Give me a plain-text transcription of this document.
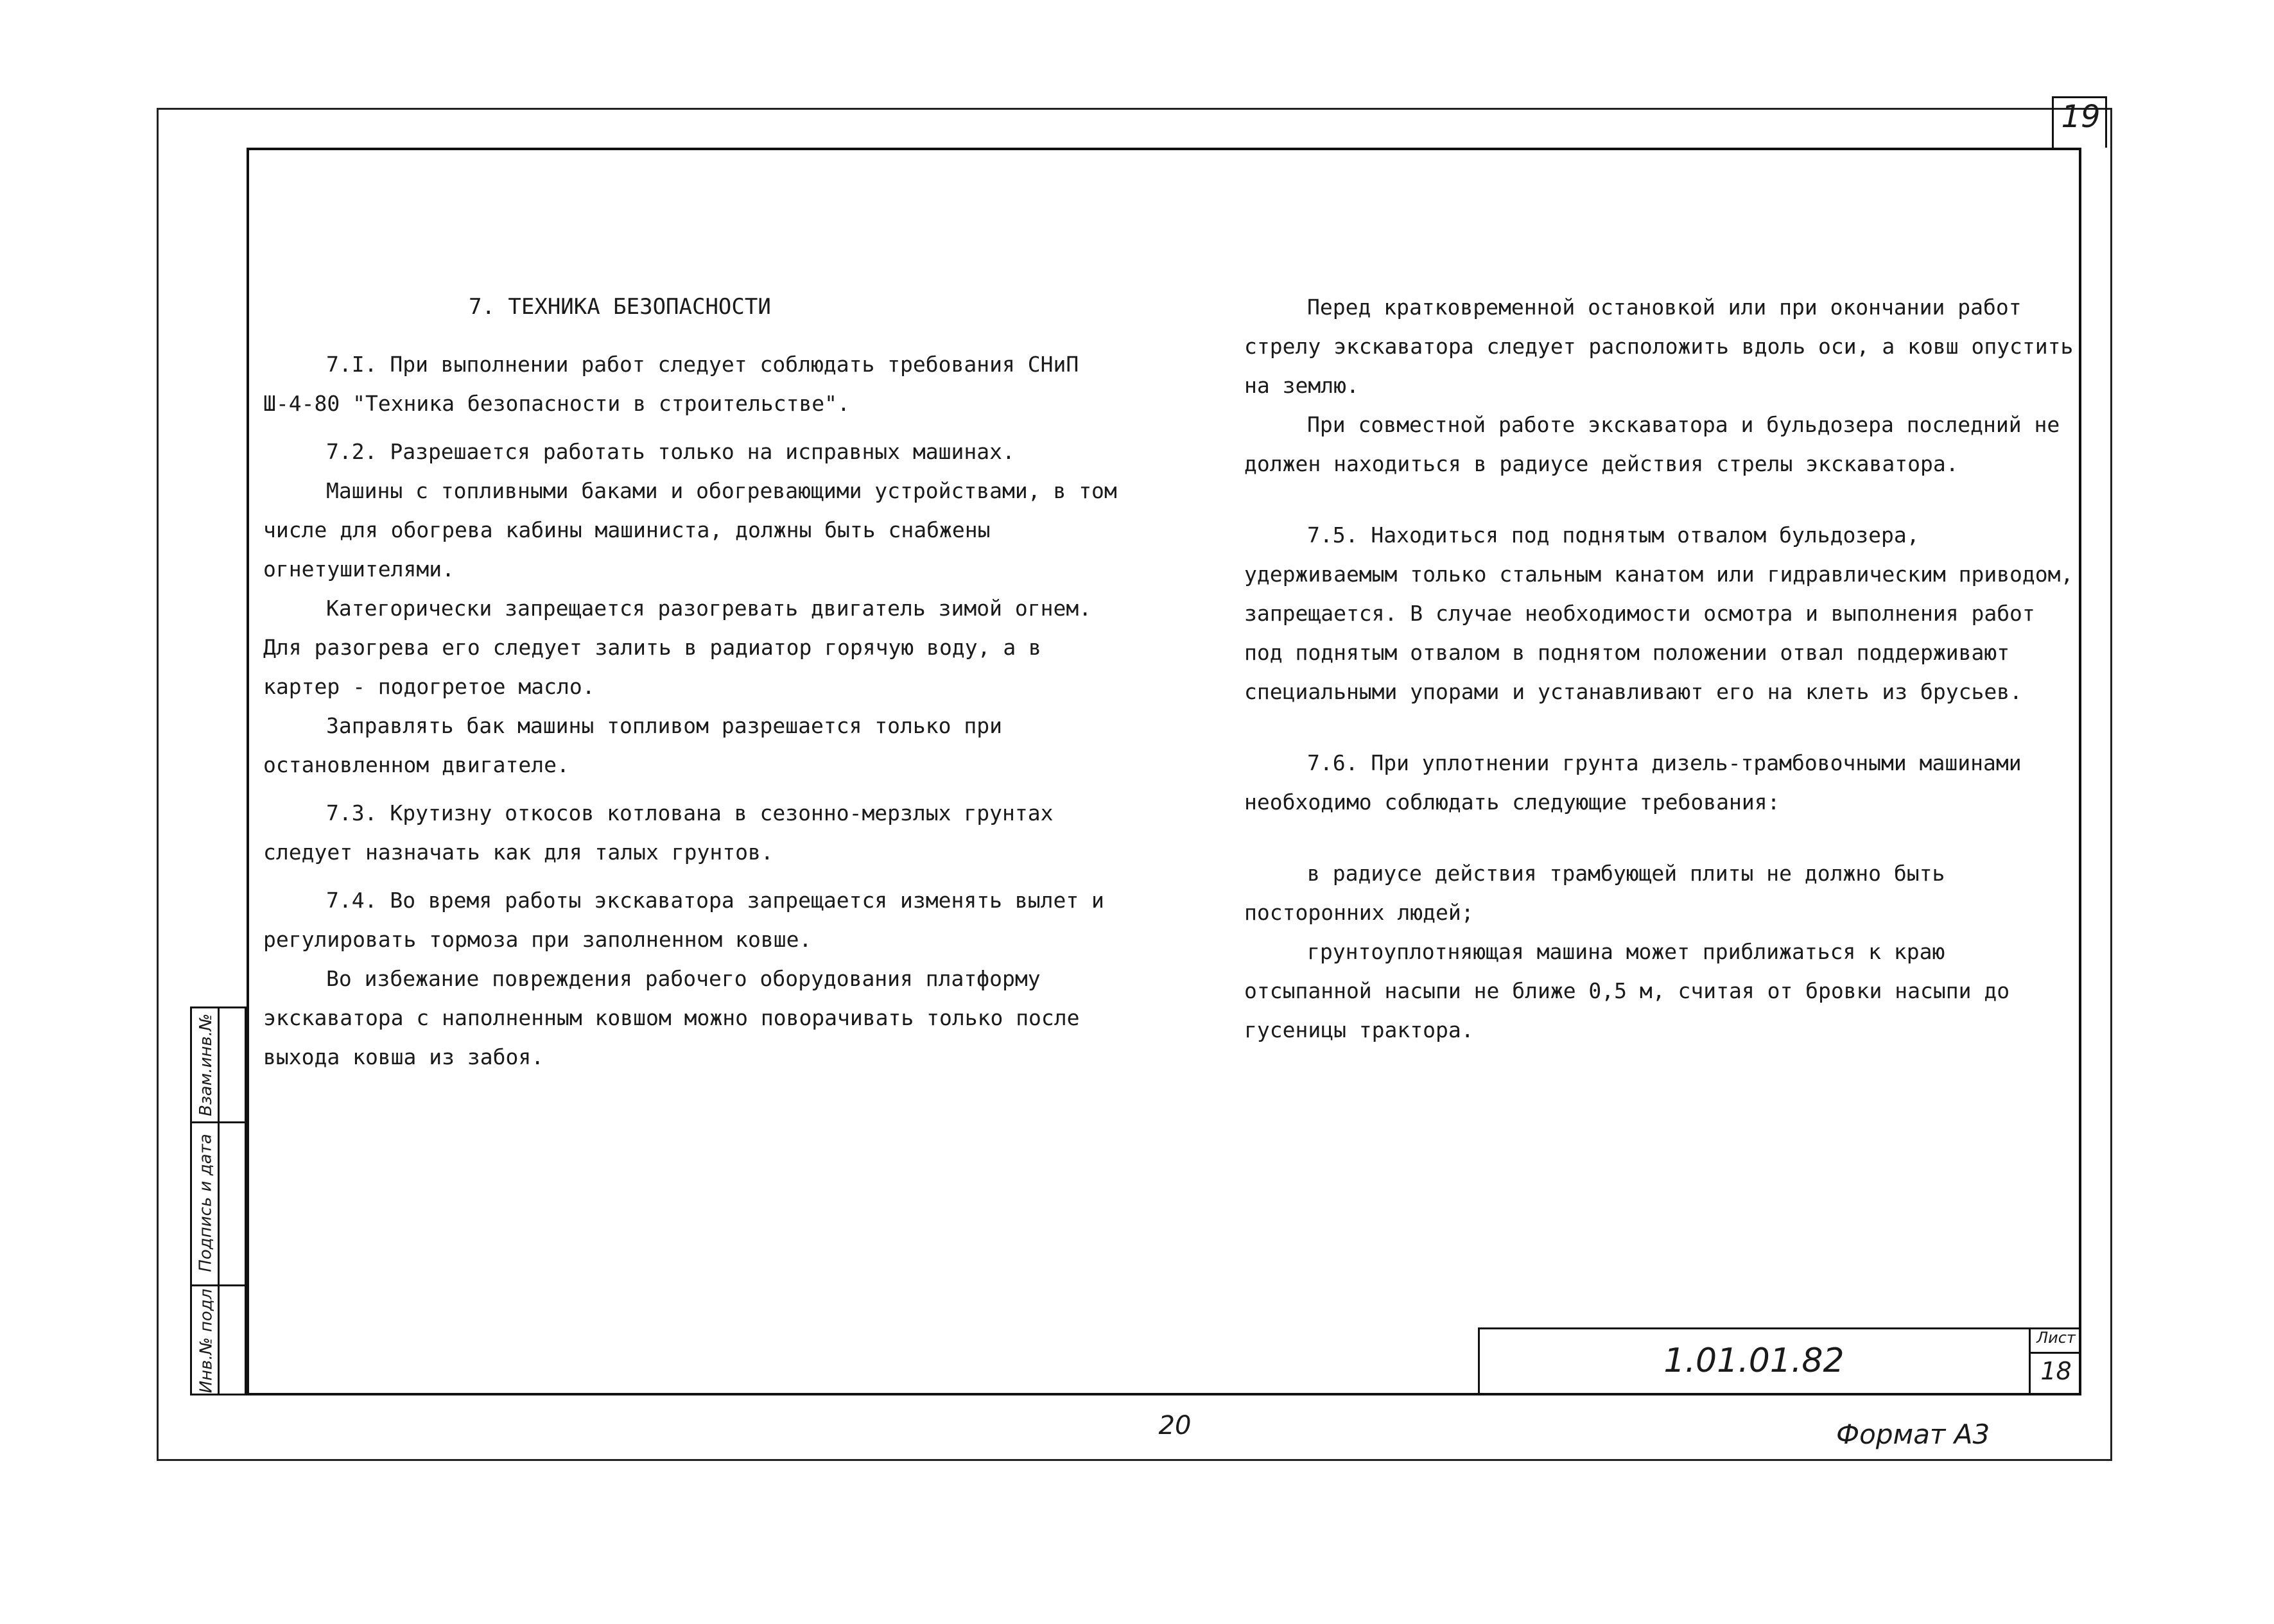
19
7. ТЕХНИКА БЕЗОПАСНОСТИ

7.I. При выполнении работ следует соблюдать требования СНиП Ш-4-80 "Техника безопасности в строительстве".

7.2. Разрешается работать только на исправных машинах.

Машины с топливными баками и обогревающими устройствами, в том числе для обогрева кабины машиниста, должны быть снабжены огнетушителями.

Категорически запрещается разогревать двигатель зимой огнем. Для разогрева его следует залить в радиатор горячую воду, а в картер - подогретое масло.

Заправлять бак машины топливом разрешается только при остановленном двигателе.

7.3. Крутизну откосов котлована в сезонно-мерзлых грунтах следует назначать как для талых грунтов.

7.4. Во время работы экскаватора запрещается изменять вылет и регулировать тормоза при заполненном ковше.

Во избежание повреждения рабочего оборудования платформу экскаватора с наполненным ковшом можно поворачивать только после выхода ковша из забоя.

Перед кратковременной остановкой или при окончании работ стрелу экскаватора следует расположить вдоль оси, а ковш опустить на землю.

При совместной работе экскаватора и бульдозера последний не должен находиться в радиусе действия стрелы экскаватора.

7.5. Находиться под поднятым отвалом бульдозера, удерживаемым только стальным канатом или гидравлическим приводом, запрещается. В случае необходимости осмотра и выполнения работ под поднятым отвалом в поднятом положении отвал поддерживают специальными упорами и устанавливают его на клеть из брусьев.

7.6. При уплотнении грунта дизель-трамбовочными машинами необходимо соблюдать следующие требования:

в радиусе действия трамбующей плиты не должно быть посторонних людей;

грунтоуплотняющая машина может приближаться к краю отсыпанной насыпи не ближе 0,5 м, считая от бровки насыпи до гусеницы трактора.

Взам.инв.№
Подпись и дата
Инв.№ подл	1.01.01.82
Лист
18
20	Формат А3
